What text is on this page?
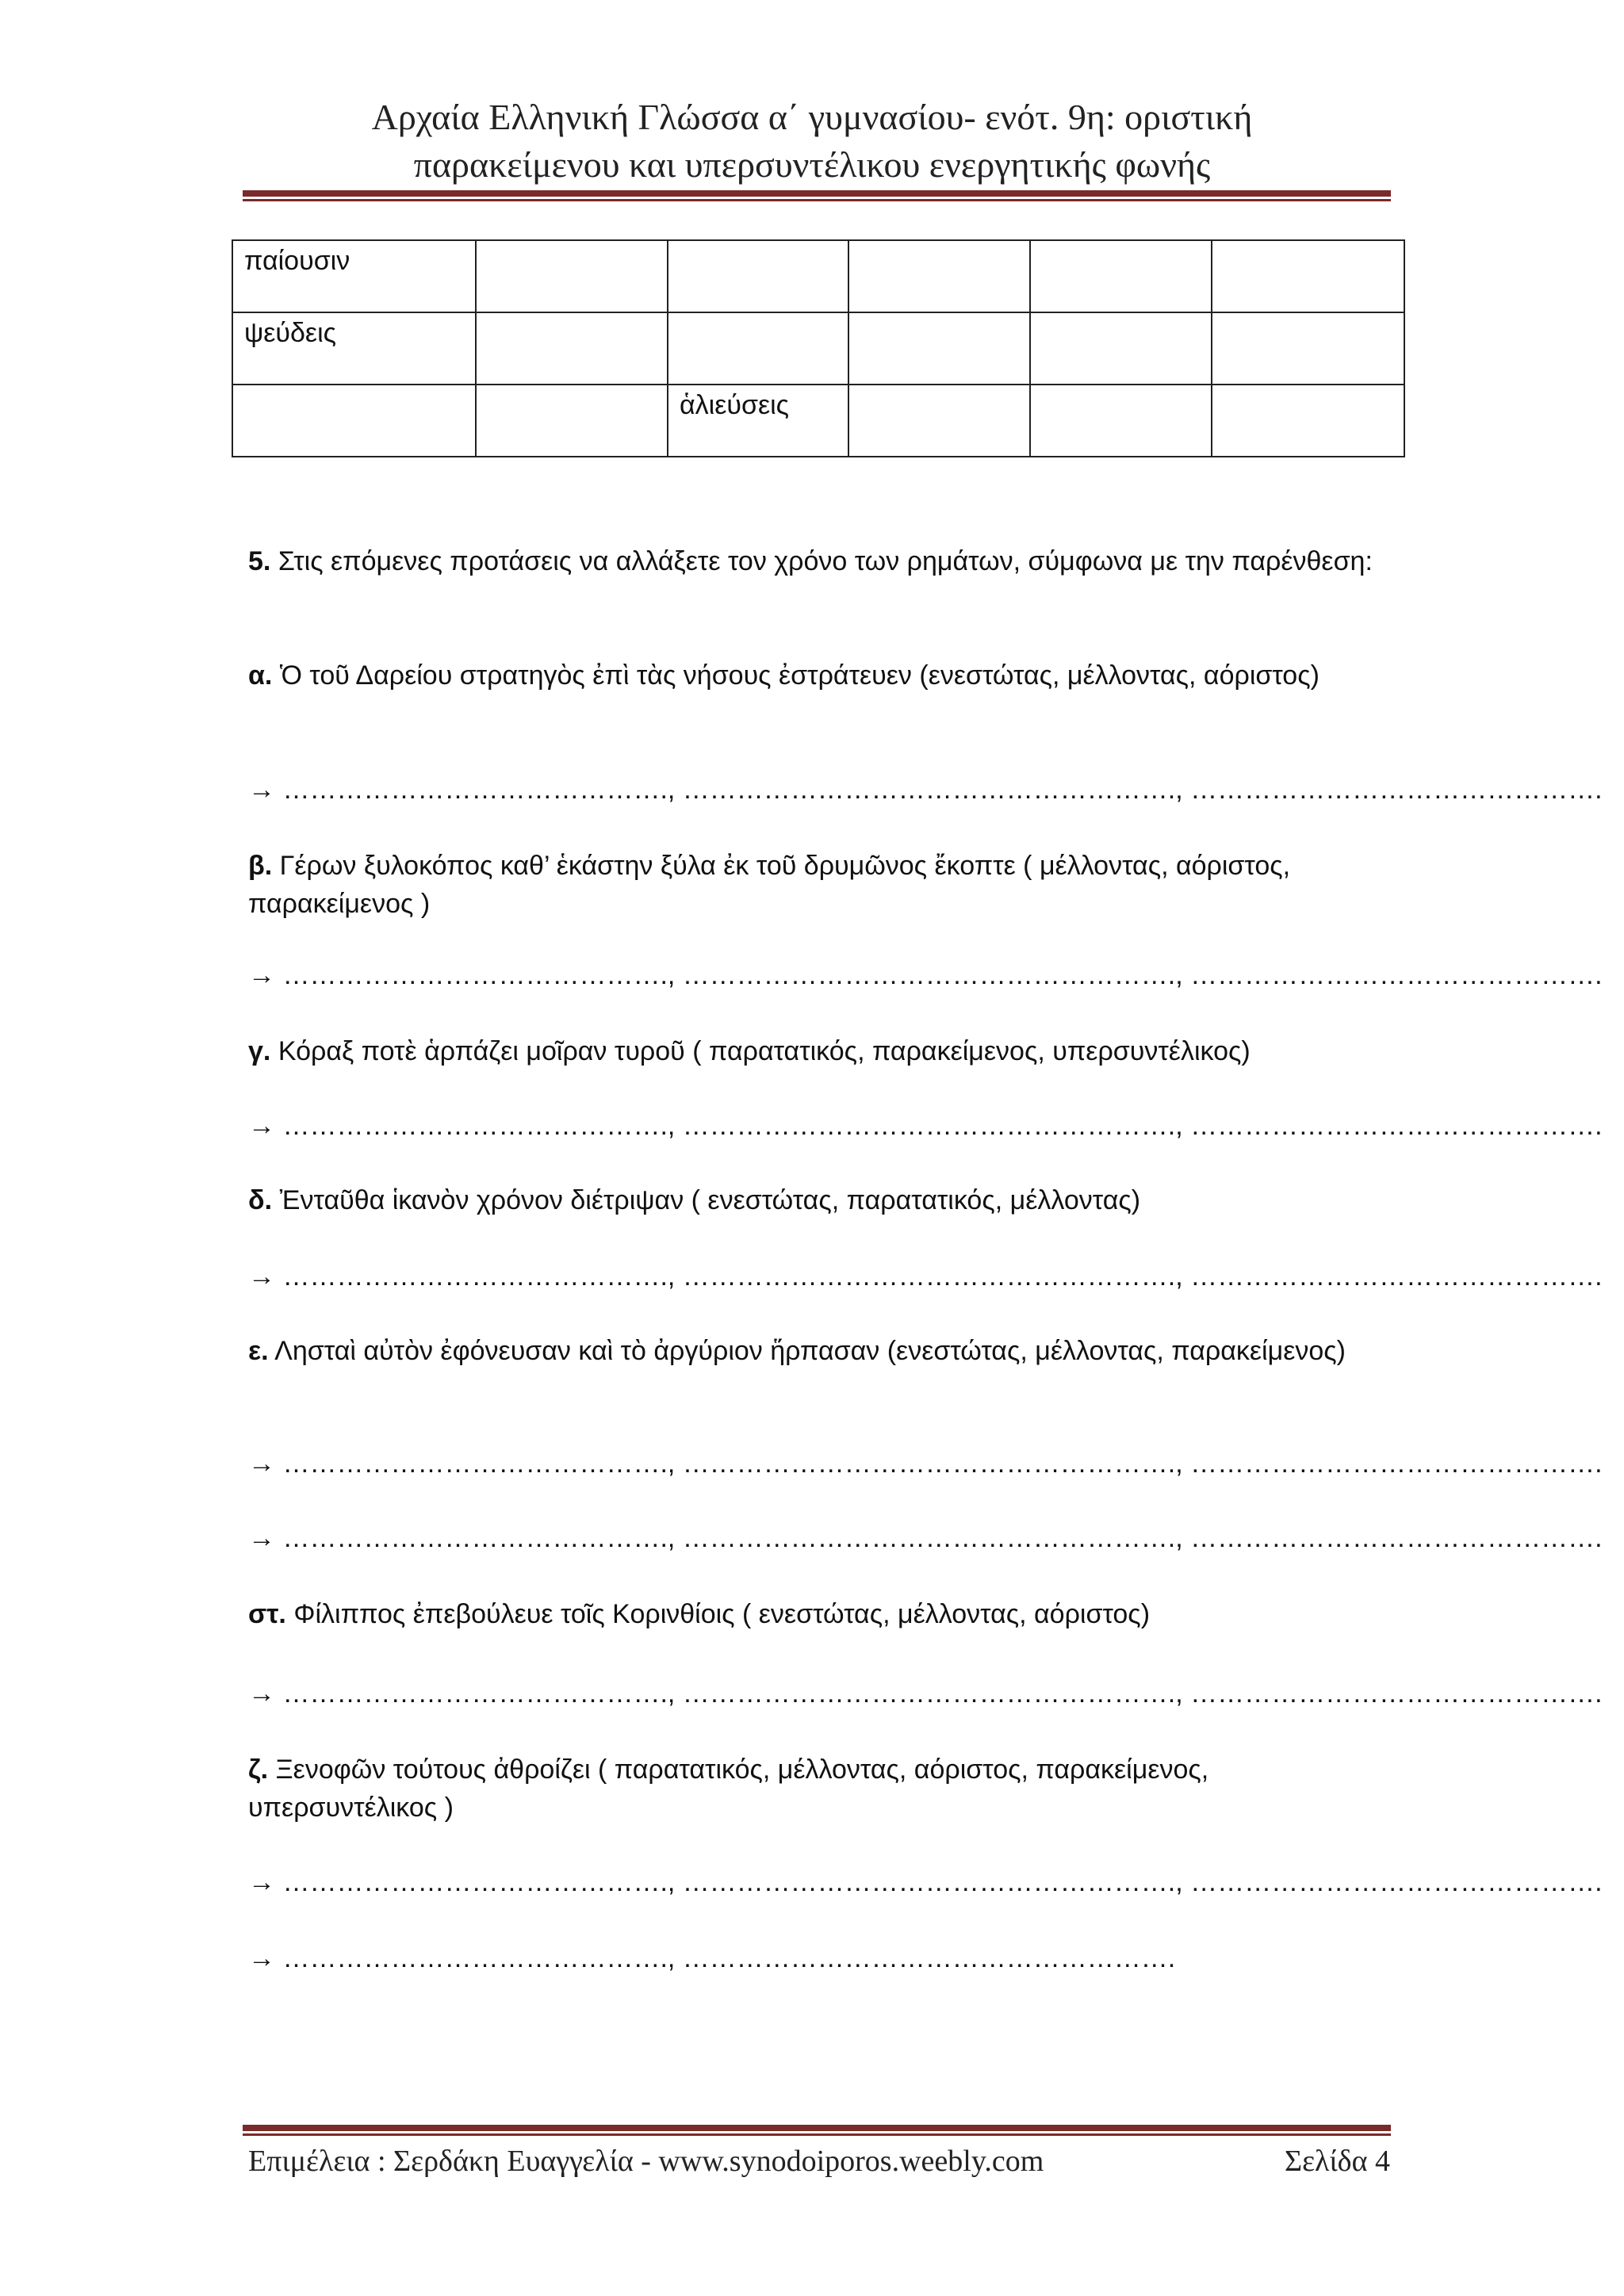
Αρχαία Ελληνική Γλώσσα α΄ γυμνασίου- ενότ. 9η: οριστική
παρακείμενου και υπερσυντέλικου ενεργητικής φωνής
παίουσιν					
ψεύδεις					
		ἁλιεύσεις			
5. Στις επόμενες προτάσεις να αλλάξετε τον χρόνο των ρημάτων, σύμφωνα με την παρένθεση:
α. Ὁ τοῦ Δαρείου στρατηγὸς ἐπὶ τὰς νήσους ἐστράτευεν (ενεστώτας, μέλλοντας, αόριστος)
→ ……………………………………., ………………………………………………., ……………………………………….
β. Γέρων ξυλοκόπος καθ’ ἑκάστην ξύλα ἐκ τοῦ δρυμῶνος ἔκοπτε ( μέλλοντας, αόριστος, παρακείμενος )
→ ……………………………………., ………………………………………………., ……………………………………….
γ. Κόραξ ποτὲ ἁρπάζει μοῖραν τυροῦ ( παρατατικός, παρακείμενος, υπερσυντέλικος)
→ ……………………………………., ………………………………………………., ……………………………………….
δ. Ἐνταῦθα ἱκανὸν χρόνον διέτριψαν ( ενεστώτας, παρατατικός, μέλλοντας)
→ ……………………………………., ………………………………………………., ……………………………………….
ε. Λησταὶ αὐτὸν ἐφόνευσαν καὶ τὸ ἀργύριον ἥρπασαν (ενεστώτας, μέλλοντας, παρακείμενος)
→ ……………………………………., ………………………………………………., ……………………………………….
→ ……………………………………., ………………………………………………., ……………………………………….
στ. Φίλιππος ἐπεβούλευε τοῖς Κορινθίοις ( ενεστώτας, μέλλοντας, αόριστος)
→ ……………………………………., ………………………………………………., ……………………………………….
ζ. Ξενοφῶν τούτους ἀθροίζει ( παρατατικός, μέλλοντας, αόριστος, παρακείμενος, υπερσυντέλικος )
→ ……………………………………., ………………………………………………., ……………………………………….
→ ……………………………………., ……………………………………………….
Επιμέλεια : Σερδάκη Ευαγγελία - www.synodoiporos.weebly.com	Σελίδα 4
